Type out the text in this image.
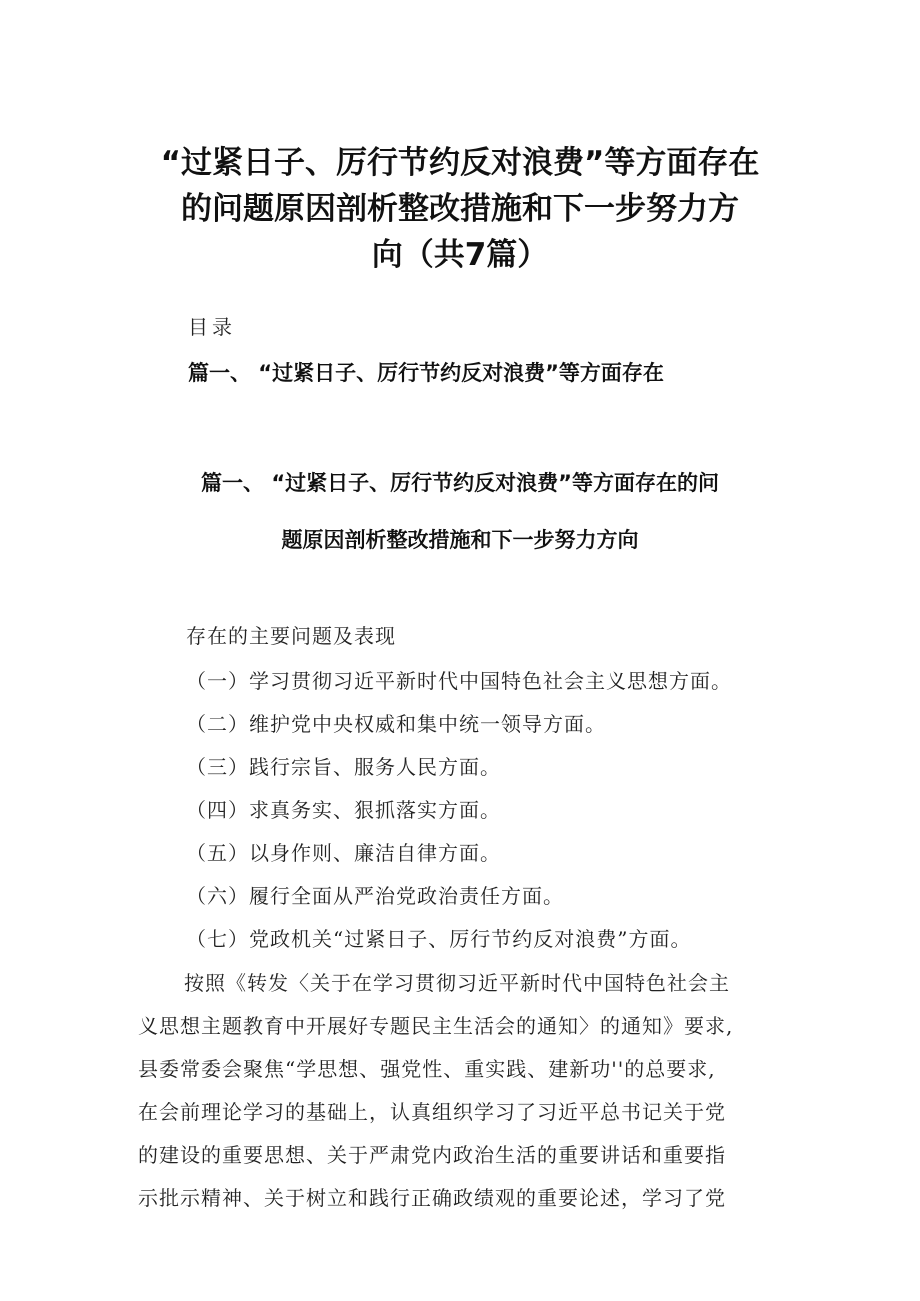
“过紧日子、厉行节约反对浪费”等方面存在
的问题原因剖析整改措施和下一步努力方
向（共7篇）
目录
篇一、 “过紧日子、厉行节约反对浪费”等方面存在
篇一、 “过紧日子、厉行节约反对浪费”等方面存在的问
题原因剖析整改措施和下一步努力方向
存在的主要问题及表现
（一）学习贯彻习近平新时代中国特色社会主义思想方面。
（二）维护党中央权威和集中统一领导方面。
（三）践行宗旨、服务人民方面。
（四）求真务实、狠抓落实方面。
（五）以身作则、廉洁自律方面。
（六）履行全面从严治党政治责任方面。
（七）党政机关“过紧日子、厉行节约反对浪费”方面。
按照《转发〈关于在学习贯彻习近平新时代中国特色社会主
义思想主题教育中开展好专题民主生活会的通知〉的通知》要求,
县委常委会聚焦“学思想、强党性、重实践、建新功''的总要求,
在会前理论学习的基础上，认真组织学习了习近平总书记关于党
的建设的重要思想、关于严肃党内政治生活的重要讲话和重要指
示批示精神、关于树立和践行正确政绩观的重要论述，学习了党
